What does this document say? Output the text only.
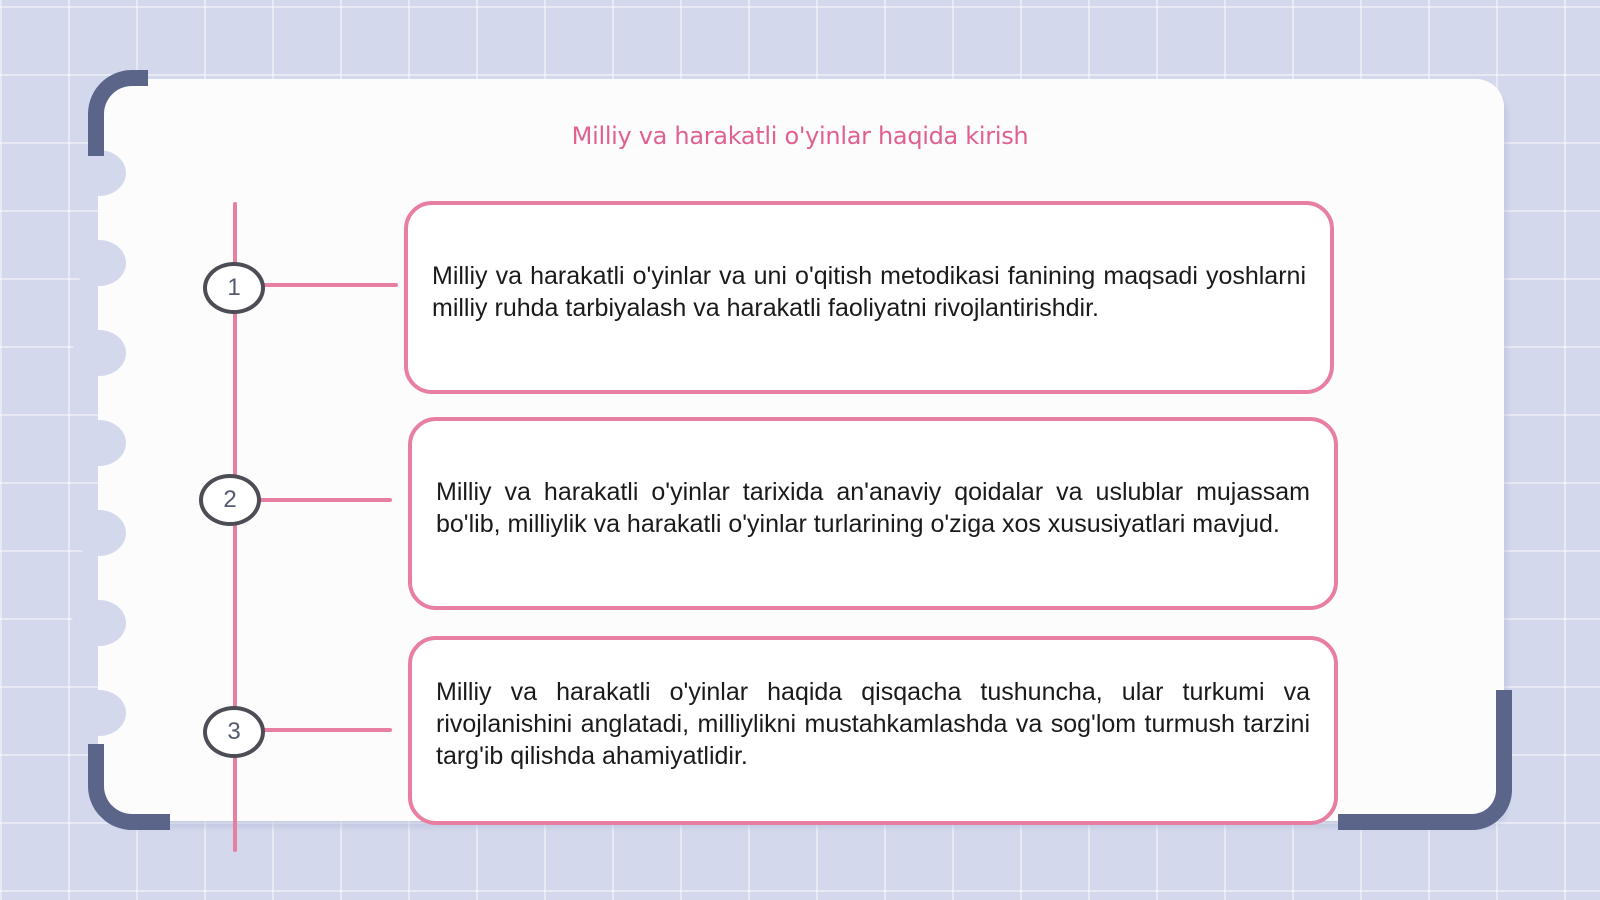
Milliy va harakatli o'yinlar haqida kirish
1
2
3
Milliy va harakatli o'yinlar va uni o'qitish metodikasi fanining maqsadi yoshlarni milliy ruhda tarbiyalash va harakatli faoliyatni rivojlantirishdir.
Milliy va harakatli o'yinlar tarixida an'anaviy qoidalar va uslublar mujassam bo'lib, milliylik va harakatli o'yinlar turlarining o'ziga xos xususiyatlari mavjud.
Milliy va harakatli o'yinlar haqida qisqacha tushuncha, ular turkumi va rivojlanishini anglatadi, milliylikni mustahkamlashda va sog'lom turmush tarzini targ'ib qilishda ahamiyatlidir.
